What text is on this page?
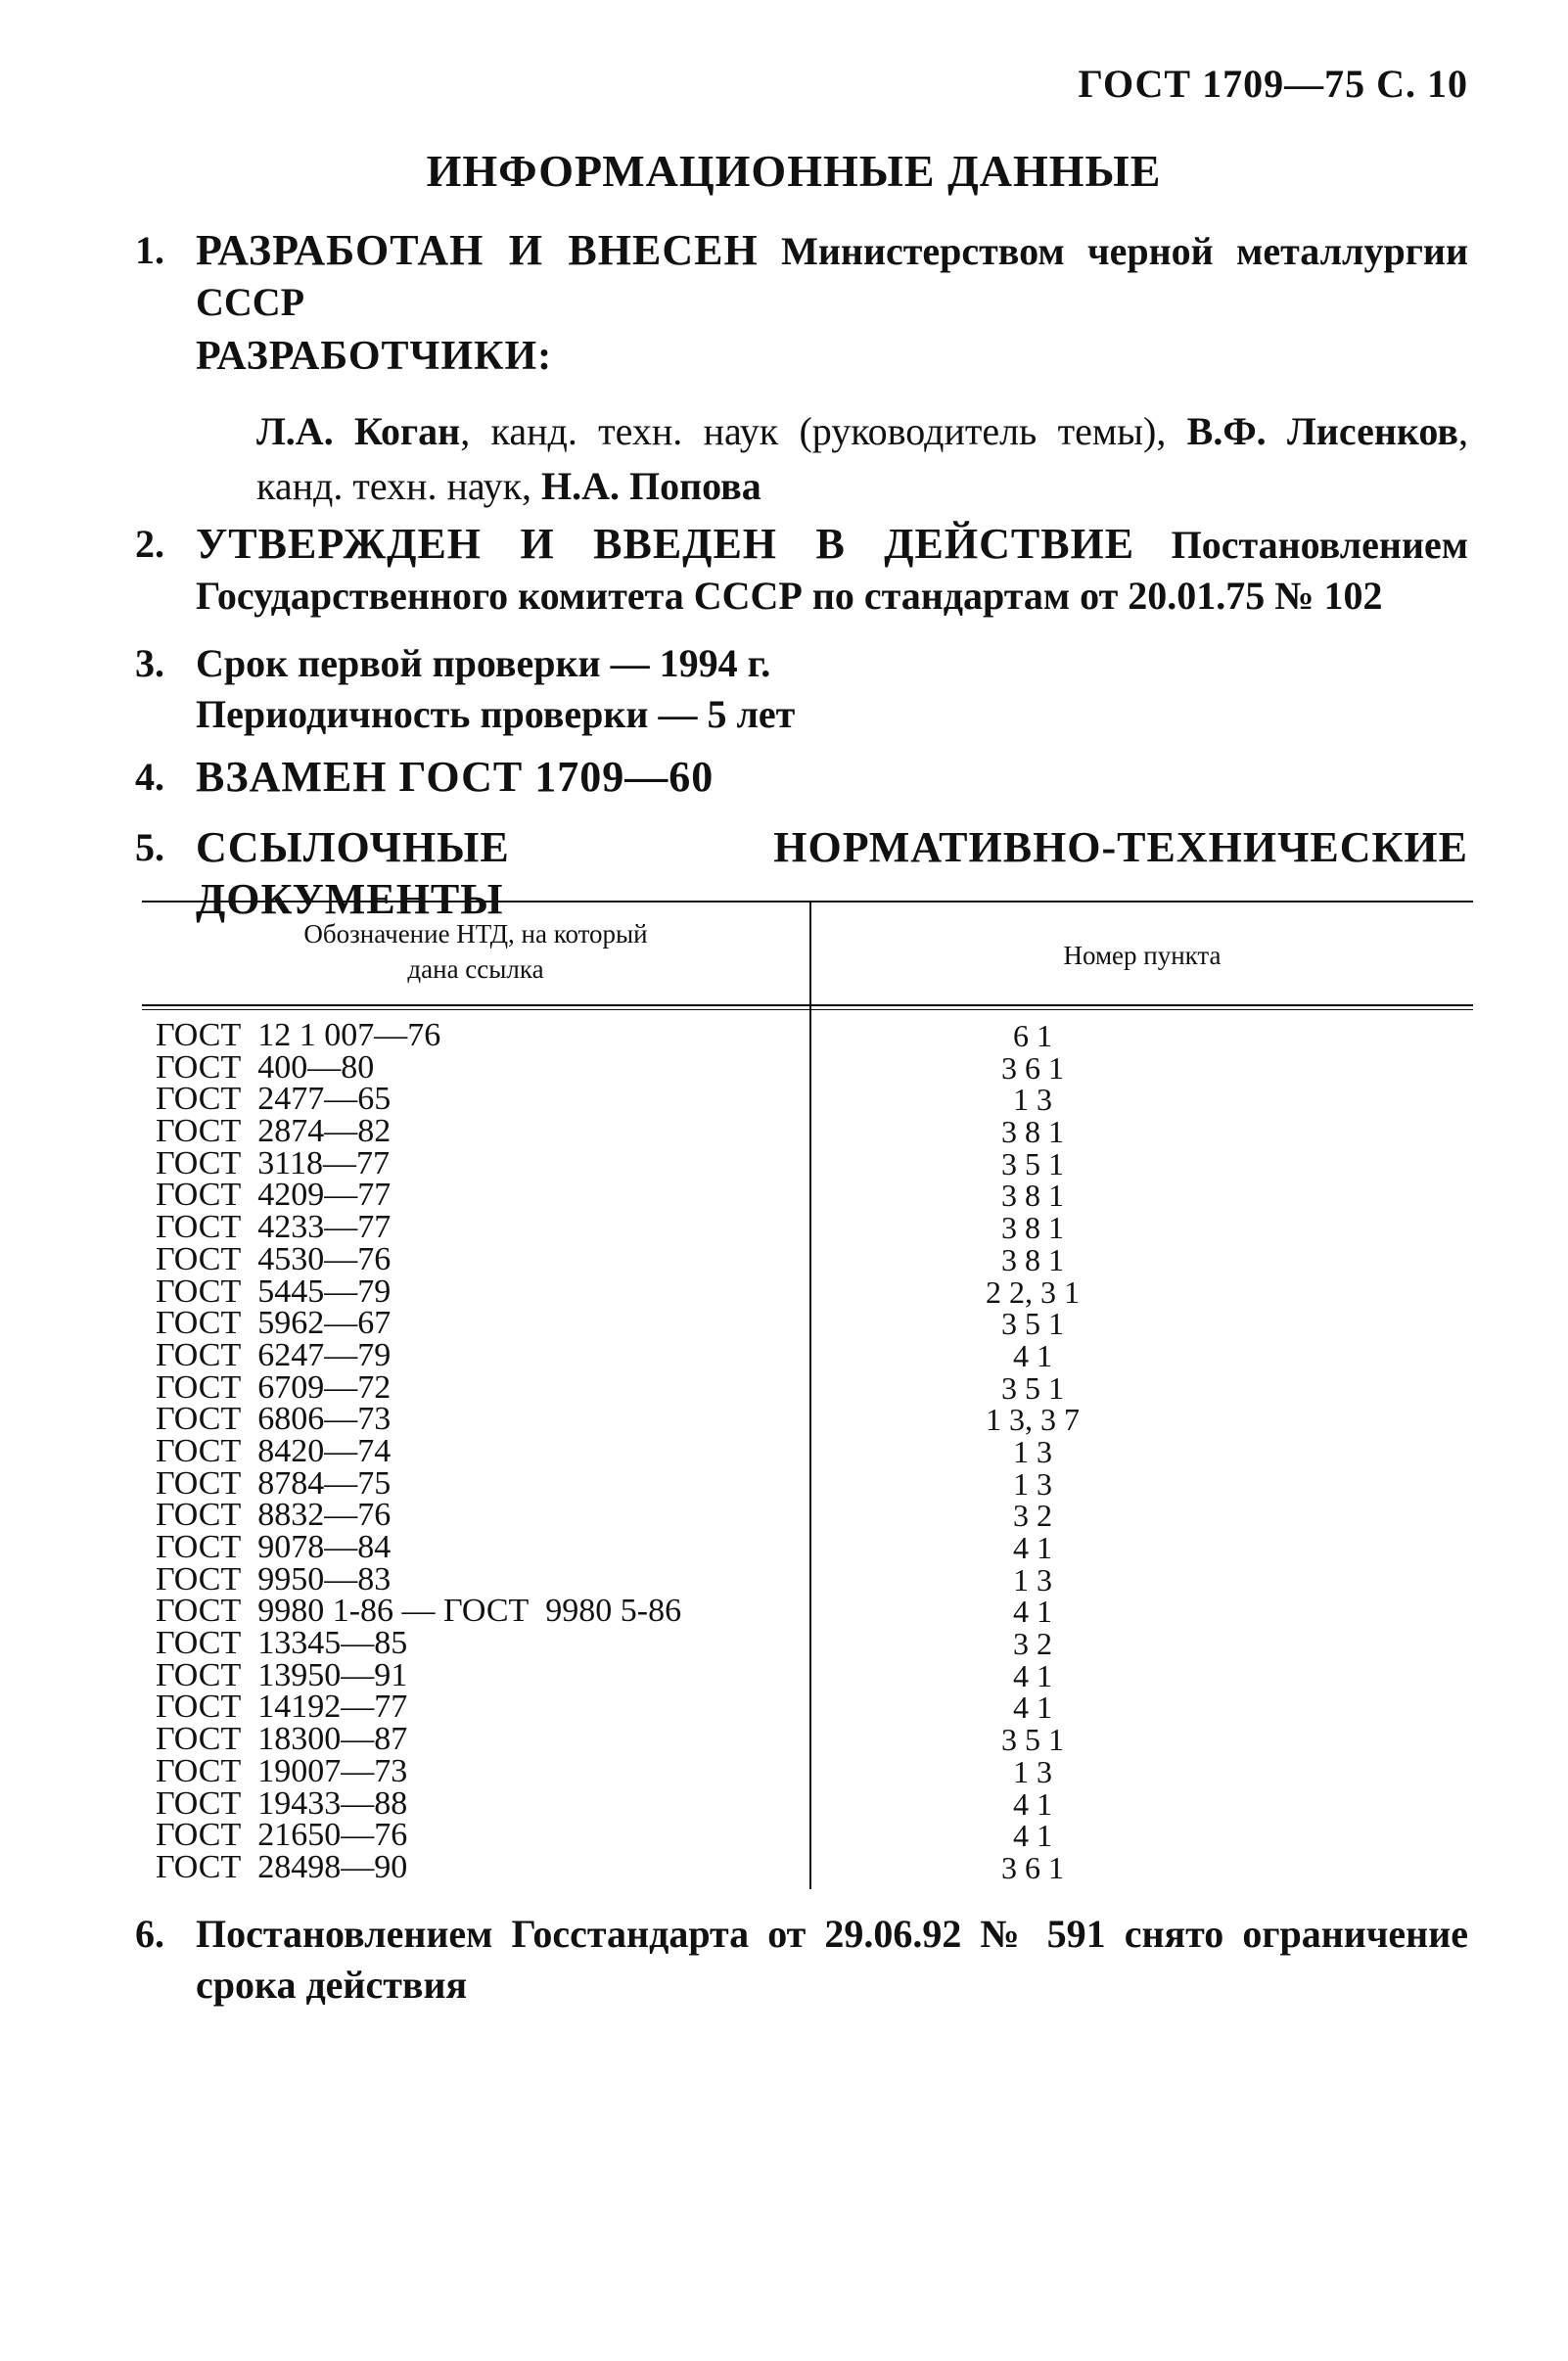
ГОСТ 1709—75 С. 10
ИНФОРМАЦИОННЫЕ ДАННЫЕ
1. РАЗРАБОТАН И ВНЕСЕН Министерством черной металлургии СССР
РАЗРАБОТЧИКИ:
Л.А. Коган, канд. техн. наук (руководитель темы), В.Ф. Лисенков, канд. техн. наук, Н.А. Попова
2. УТВЕРЖДЕН И ВВЕДЕН В ДЕЙСТВИЕ Постановлением Государственного комитета СССР по стандартам от 20.01.75 № 102
3. Срок первой проверки — 1994 г.
Периодичность проверки — 5 лет
4. ВЗАМЕН ГОСТ 1709—60
5. ССЫЛОЧНЫЕ НОРМАТИВНО-ТЕХНИЧЕСКИЕ ДОКУМЕНТЫ
Обозначение НТД, на который
дана ссылка	Номер пункта
ГОСТ  12 1 007—76	6 1
ГОСТ  400—80	3 6 1
ГОСТ  2477—65	1 3
ГОСТ  2874—82	3 8 1
ГОСТ  3118—77	3 5 1
ГОСТ  4209—77	3 8 1
ГОСТ  4233—77	3 8 1
ГОСТ  4530—76	3 8 1
ГОСТ  5445—79	2 2, 3 1
ГОСТ  5962—67	3 5 1
ГОСТ  6247—79	4 1
ГОСТ  6709—72	3 5 1
ГОСТ  6806—73	1 3, 3 7
ГОСТ  8420—74	1 3
ГОСТ  8784—75	1 3
ГОСТ  8832—76	3 2
ГОСТ  9078—84	4 1
ГОСТ  9950—83	1 3
ГОСТ  9980 1-86 — ГОСТ  9980 5-86	4 1
ГОСТ  13345—85	3 2
ГОСТ  13950—91	4 1
ГОСТ  14192—77	4 1
ГОСТ  18300—87	3 5 1
ГОСТ  19007—73	1 3
ГОСТ  19433—88	4 1
ГОСТ  21650—76	4 1
ГОСТ  28498—90	3 6 1
6. Постановлением Госстандарта от 29.06.92 № 591 снято ограничение срока действия
